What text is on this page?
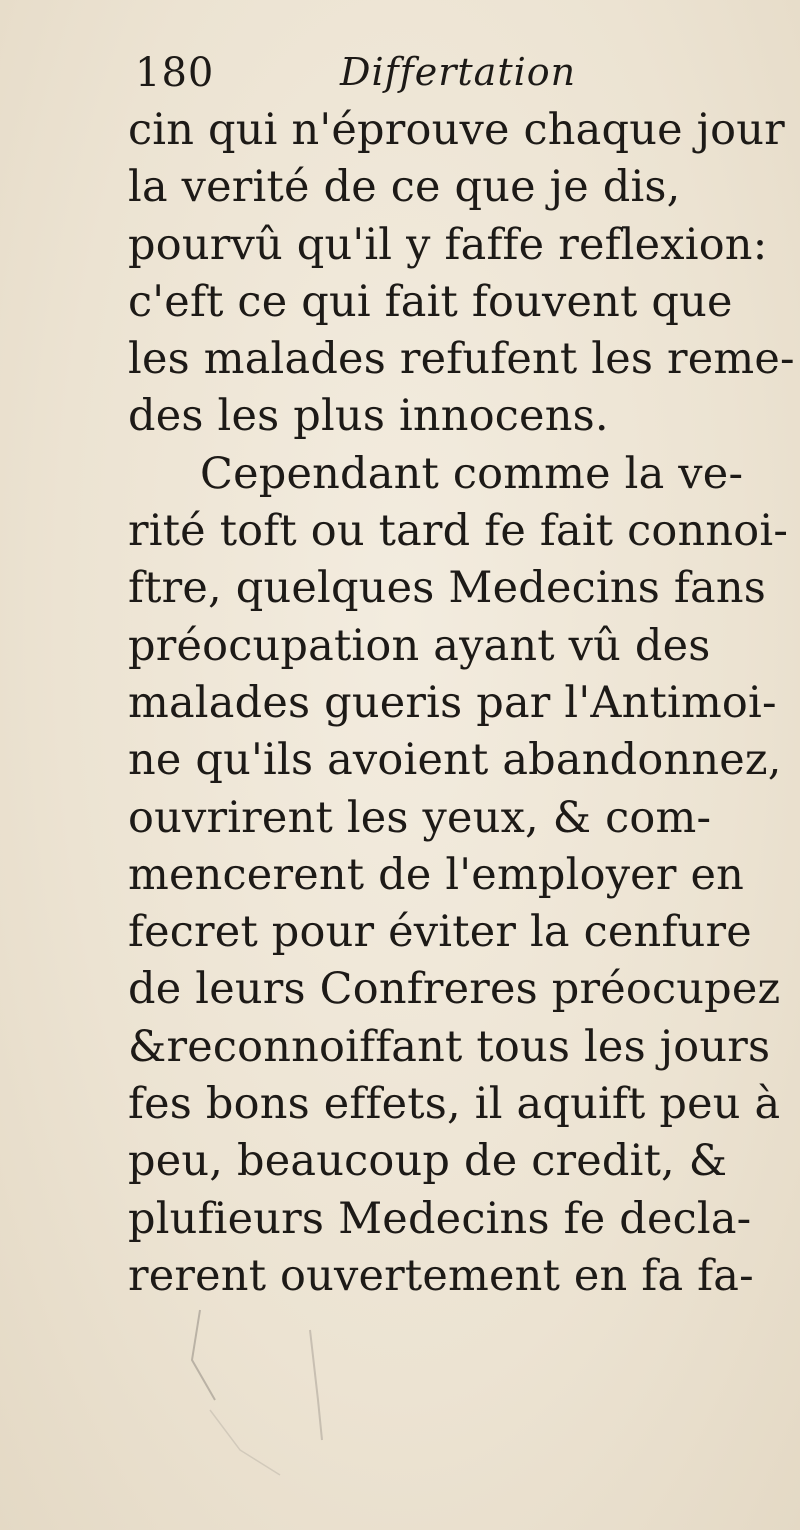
180	Differtation
cin qui n'éprouve chaque jour
la verité de ce que je dis,
pourvû qu'il y faffe reflexion:
c'eft ce qui fait fouvent que
les malades refufent les reme-
des les plus innocens.
Cependant comme la ve-
rité toft ou tard fe fait connoi-
ftre, quelques Medecins fans
préocupation ayant vû des
malades gueris par l'Antimoi-
ne qu'ils avoient abandonnez,
ouvrirent les yeux, & com-
mencerent de l'employer en
fecret pour éviter la cenfure
de leurs Confreres préocupez
&reconnoiffant tous les jours
fes bons effets, il aquift peu à
peu, beaucoup de credit, &
plufieurs Medecins fe decla-
rerent ouvertement en fa fa-
